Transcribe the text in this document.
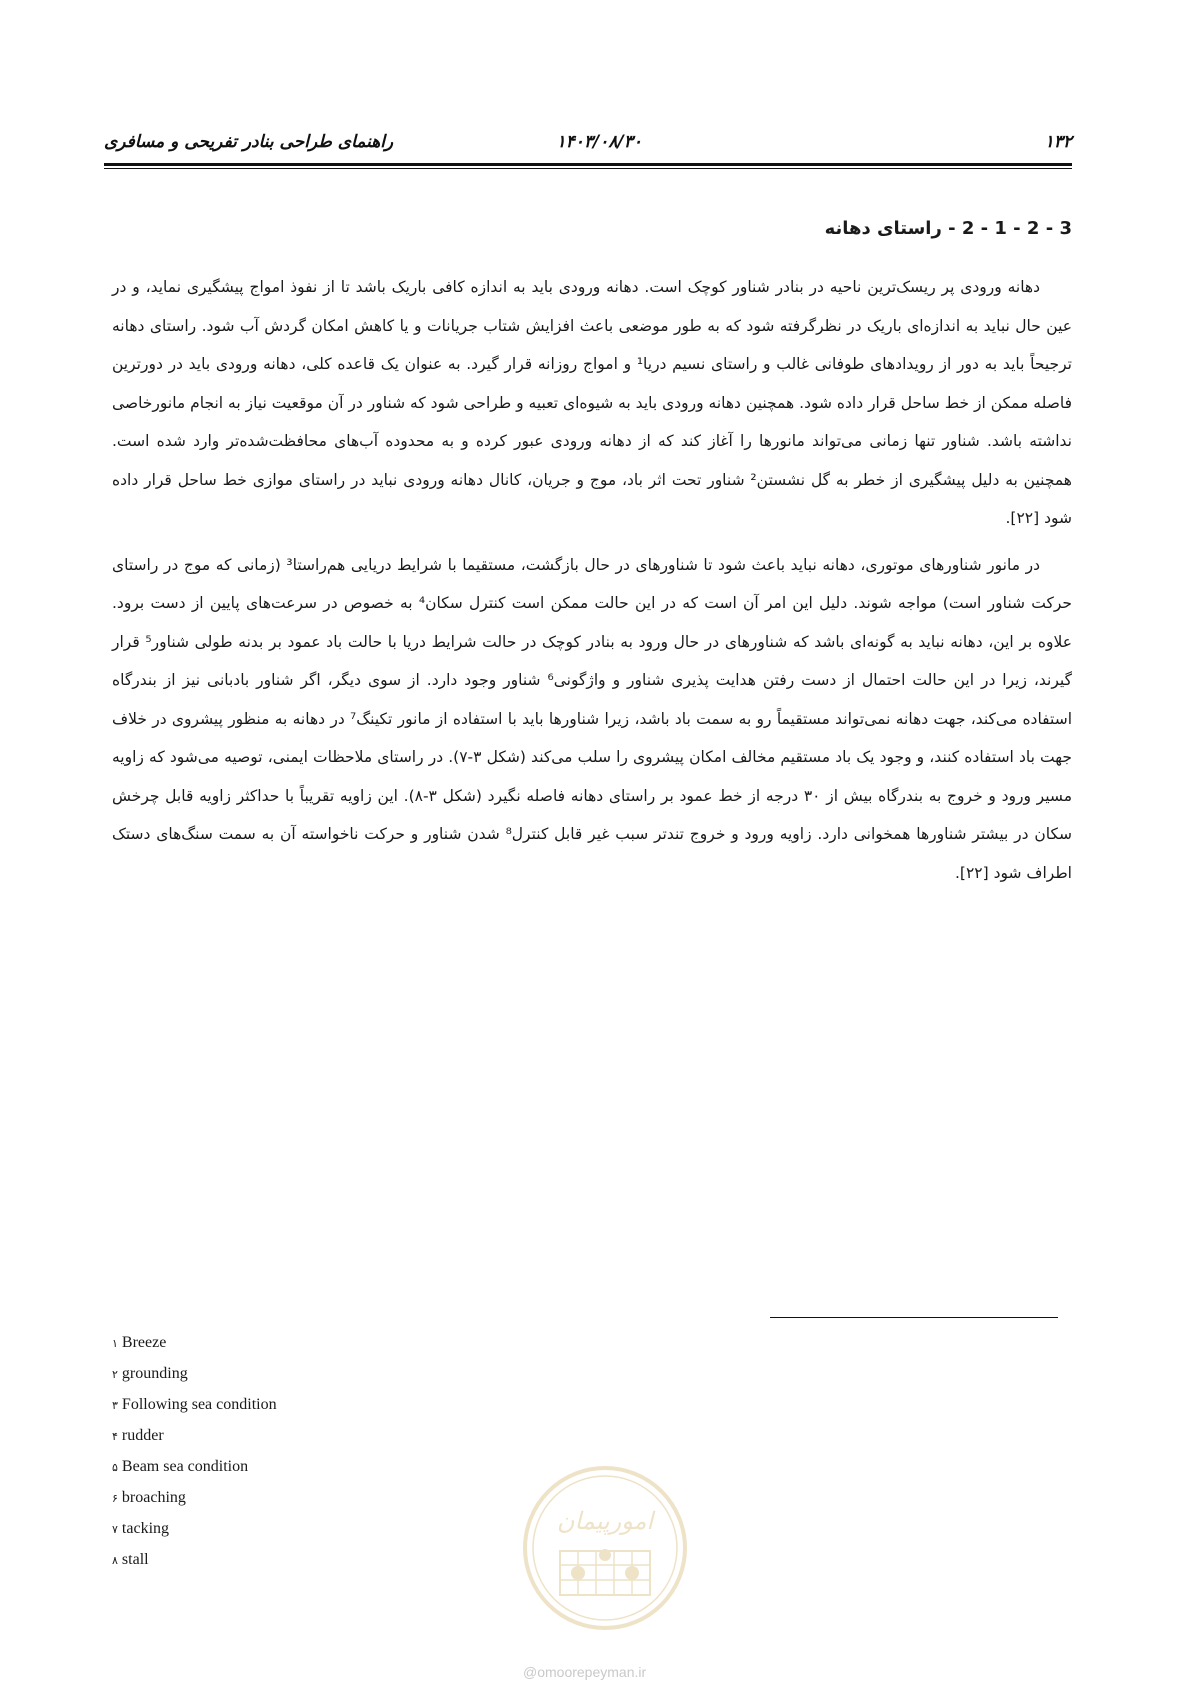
۱۳۲
۱۴۰۳/۰۸/۳۰
راهنمای طراحی بنادر تفریحی و مسافری
3 - 2 - 1 - 2 - راستای دهانه

دهانه ورودی پر ریسک‌ترین ناحیه در بنادر شناور کوچک است. دهانه ورودی باید به اندازه کافی باریک باشد تا از نفوذ امواج پیشگیری نماید، و در عین حال نباید به اندازه‌ای باریک در نظرگرفته شود که به طور موضعی باعث افزایش شتاب جریانات و یا کاهش امکان گردش آب شود. راستای دهانه ترجیحاً باید به دور از رویدادهای طوفانی غالب و راستای نسیم دریا¹ و امواج روزانه قرار گیرد. به عنوان یک قاعده کلی، دهانه ورودی باید در دورترین فاصله ممکن از خط ساحل قرار داده شود. همچنین دهانه ورودی باید به شیوه‌ای تعبیه و طراحی شود که شناور در آن موقعیت نیاز به انجام مانورخاصی نداشته باشد. شناور تنها زمانی می‌تواند مانورها را آغاز کند که از دهانه ورودی عبور کرده و به محدوده آب‌های محافظت‌شده‌تر وارد شده است. همچنین به دلیل پیشگیری از خطر به گل نشستن² شناور تحت اثر باد، موج و جریان، کانال دهانه ورودی نباید در راستای موازی خط ساحل قرار داده شود [۲۲].

در مانور شناورهای موتوری، دهانه نباید باعث شود تا شناورهای در حال بازگشت، مستقیما با شرایط دریایی هم‌راستا³ (زمانی که موج در راستای حرکت شناور است) مواجه شوند. دلیل این امر آن است که در این حالت ممکن است کنترل سکان⁴ به خصوص در سرعت‌های پایین از دست برود. علاوه بر این، دهانه نباید به گونه‌ای باشد که شناورهای در حال ورود به بنادر کوچک در حالت شرایط دریا با حالت باد عمود بر بدنه طولی شناور⁵ قرار گیرند، زیرا در این حالت احتمال از دست رفتن هدایت پذیری شناور و واژگونی⁶ شناور وجود دارد. از سوی دیگر، اگر شناور بادبانی نیز از بندرگاه استفاده می‌کند، جهت دهانه نمی‌تواند مستقیماً رو به سمت باد باشد، زیرا شناورها باید با استفاده از مانور تکینگ⁷ در دهانه به منظور پیشروی در خلاف جهت باد استفاده کنند، و وجود یک باد مستقیم مخالف امکان پیشروی را سلب می‌کند (شکل ۳-۷). در راستای ملاحظات ایمنی، توصیه می‌شود که زاویه مسیر ورود و خروج به بندرگاه بیش از ۳۰ درجه از خط عمود بر راستای دهانه فاصله نگیرد (شکل ۳-۸). این زاویه تقریباً با حداکثر زاویه قابل چرخش سکان در بیشتر شناورها همخوانی دارد. زاویه ورود و خروج تندتر سبب غیر قابل کنترل⁸ شدن شناور و حرکت ناخواسته آن به سمت سنگ‌های دستک اطراف شود [۲۲].

۱ Breeze
۲ grounding
۳ Following sea condition
۴ rudder
۵ Beam sea condition
۶ broaching
۷ tacking
۸ stall
امورپیمان
@omoorepeyman.ir
